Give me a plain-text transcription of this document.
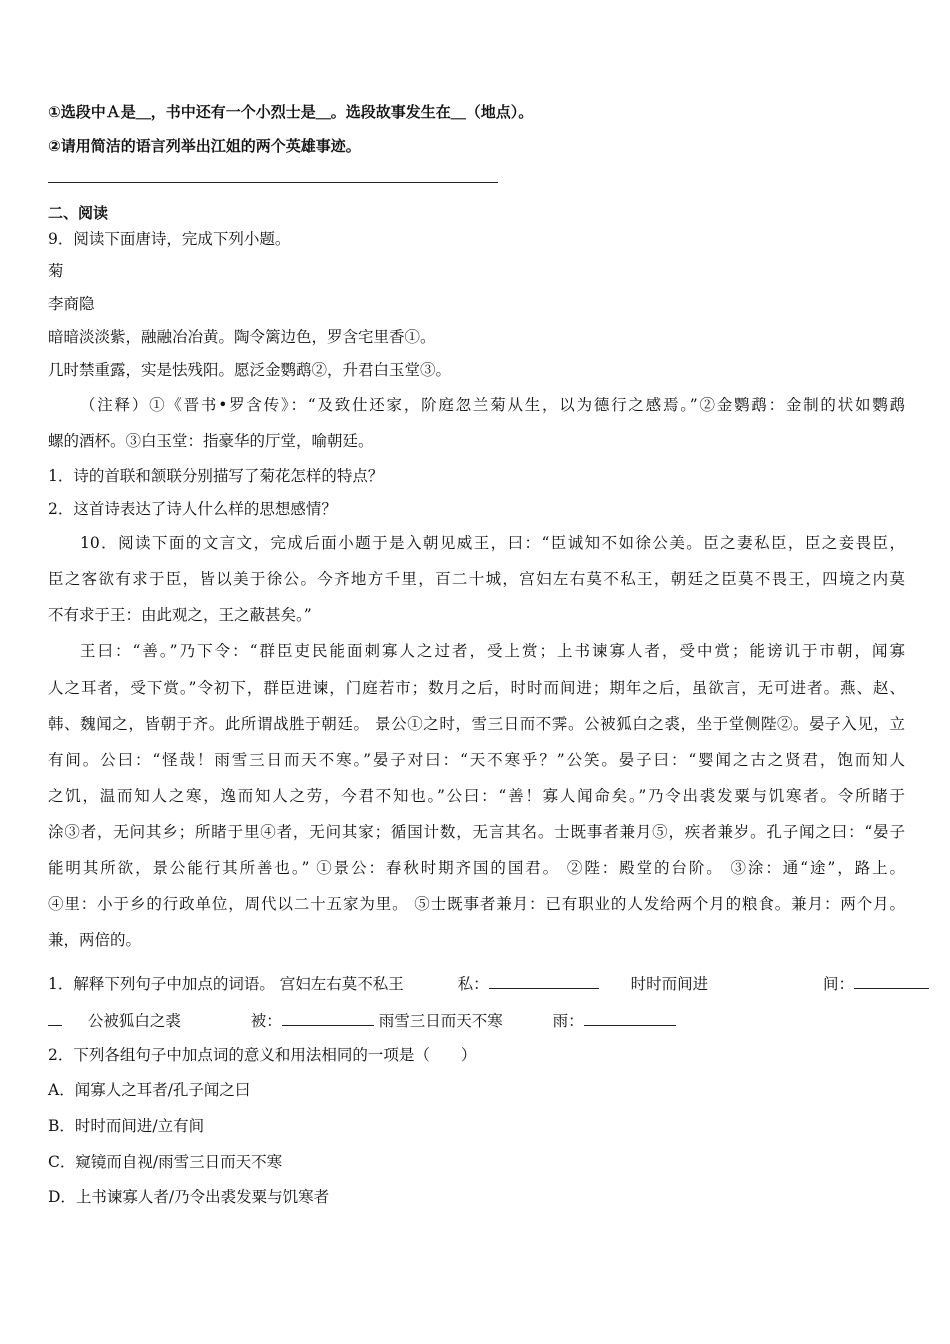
①选段中Ａ是＿，书中还有一个小烈士是＿。选段故事发生在＿（地点）。
②请用简洁的语言列举出江姐的两个英雄事迹。
二、阅读
9．阅读下面唐诗，完成下列小题。
菊
李商隐
暗暗淡淡紫，融融冶冶黄。陶令篱边色，罗含宅里香①。
几时禁重露，实是怯残阳。愿泛金鹦鹉②，升君白玉堂③。
（注释）①《晋书•罗含传》：“及致仕还家，阶庭忽兰菊从生，以为德行之感焉。”②金鹦鹉：金制的状如鹦鹉
螺的酒杯。③白玉堂：指豪华的厅堂，喻朝廷。
1．诗的首联和颔联分别描写了菊花怎样的特点？
2．这首诗表达了诗人什么样的思想感情？
10．阅读下面的文言文，完成后面小题于是入朝见威王，曰：“臣诚知不如徐公美。臣之妻私臣，臣之妾畏臣，
臣之客欲有求于臣，皆以美于徐公。今齐地方千里，百二十城，宫妇左右莫不私王，朝廷之臣莫不畏王，四境之内莫
不有求于王：由此观之，王之蔽甚矣。”
王曰：“善。”乃下令：“群臣吏民能面刺寡人之过者，受上赏；上书谏寡人者，受中赏；能谤讥于市朝，闻寡
人之耳者，受下赏。”令初下，群臣进谏，门庭若市；数月之后，时时而间进；期年之后，虽欲言，无可进者。燕、赵、
韩、魏闻之，皆朝于齐。此所谓战胜于朝廷。 景公①之时，雪三日而不霁。公被狐白之裘，坐于堂侧陛②。晏子入见，立
有间。公曰：“怪哉！雨雪三日而天不寒。”晏子对曰：“天不寒乎？”公笑。晏子曰：“婴闻之古之贤君，饱而知人
之饥，温而知人之寒，逸而知人之劳，今君不知也。”公曰：“善！寡人闻命矣。”乃令出裘发粟与饥寒者。令所睹于
涂③者，无问其乡；所睹于里④者，无问其家；循国计数，无言其名。士既事者兼月⑤，疾者兼岁。孔子闻之曰：“晏子
能明其所欲，景公能行其所善也。” ①景公：春秋时期齐国的国君。 ②陛：殿堂的台阶。 ③涂：通“途”，路上。
④里：小于乡的行政单位，周代以二十五家为里。 ⑤士既事者兼月：已有职业的人发给两个月的粮食。兼月：两个月。
兼，两倍的。
1．解释下列句子中加点的词语。 宫妇左右莫不私王	私：	时时而间进	间：
公被狐白之裘	被：	雨雪三日而天不寒	雨：
2．下列各组句子中加点词的意义和用法相同的一项是（　　）
A．闻寡人之耳者/孔子闻之曰
B．时时而间进/立有间
C．窥镜而自视/雨雪三日而天不寒
D．上书谏寡人者/乃令出裘发粟与饥寒者
